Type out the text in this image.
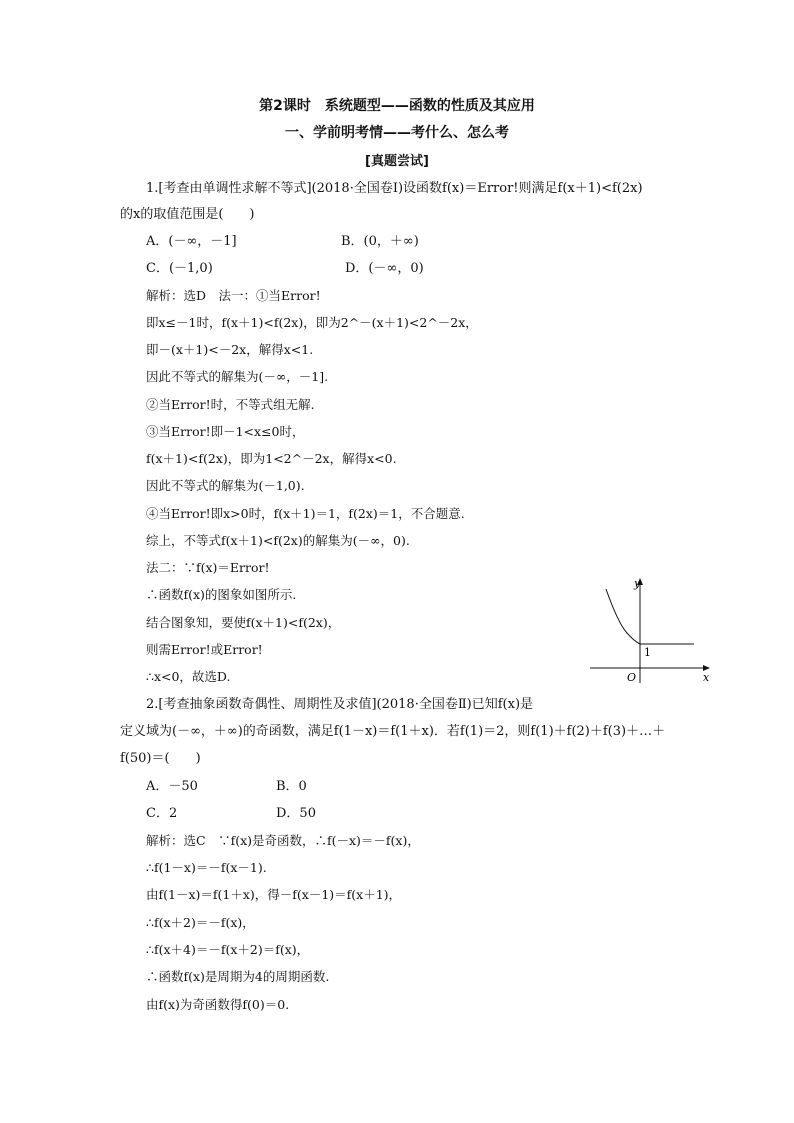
第2课时　系统题型——函数的性质及其应用
一、学前明考情——考什么、怎么考
[真题尝试]
1.[考查由单调性求解不等式](2018·全国卷Ⅰ)设函数f(x)＝Error!则满足f(x＋1)<f(2x)
的x的取值范围是(　　)
A．(－∞，－1]	B．(0，＋∞)
C．(－1,0)	D．(－∞，0)
解析：选D　法一：①当Error!
即x≤－1时，f(x＋1)<f(2x)，即为2^－(x＋1)<2^－2x，
即－(x＋1)<－2x，解得x<1.
因此不等式的解集为(－∞，－1].
②当Error!时，不等式组无解.
③当Error!即－1<x≤0时，
f(x＋1)<f(2x)，即为1<2^－2x，解得x<0.
因此不等式的解集为(－1,0).
④当Error!即x>0时，f(x＋1)＝1，f(2x)＝1，不合题意.
综上，不等式f(x＋1)<f(2x)的解集为(－∞，0).
法二：∵f(x)＝Error!
∴函数f(x)的图象如图所示.
结合图象知，要使f(x＋1)<f(2x)，
则需Error!或Error!
∴x<0，故选D.
y
x
1
O
2.[考查抽象函数奇偶性、周期性及求值](2018·全国卷Ⅱ)已知f(x)是
定义域为(－∞，＋∞)的奇函数，满足f(1－x)＝f(1＋x)．若f(1)＝2，则f(1)＋f(2)＋f(3)＋…＋
f(50)＝(　　)
A．－50	B．0
C．2	D．50
解析：选C　∵f(x)是奇函数，∴f(－x)＝－f(x)，
∴f(1－x)＝－f(x－1).
由f(1－x)＝f(1＋x)，得－f(x－1)＝f(x＋1)，
∴f(x＋2)＝－f(x)，
∴f(x＋4)＝－f(x＋2)＝f(x)，
∴函数f(x)是周期为4的周期函数.
由f(x)为奇函数得f(0)＝0.
